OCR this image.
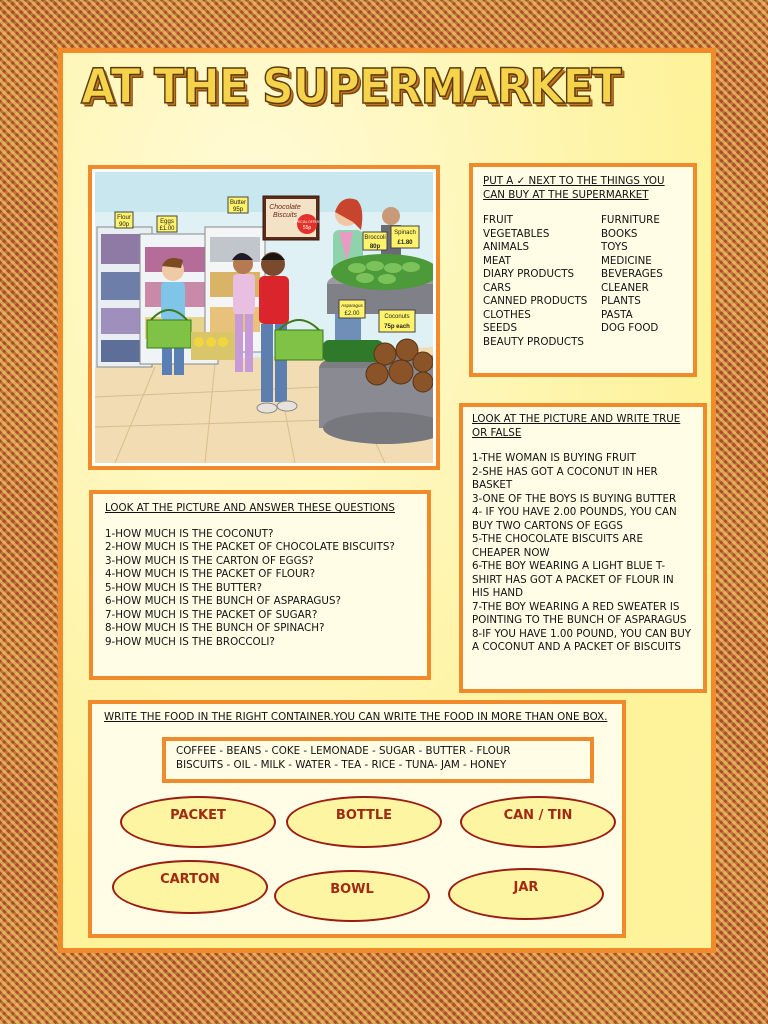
AT THE SUPERMARKET
Flour
90p	Eggs
£1.00
Butter
95p	Chocolate
Biscuits
SPECIAL OFFER!
55p
Broccoli
80p
Spinach
£1.80
Asparagus
£2.00	Coconuts
75p each
PUT A ✓ NEXT TO THE THINGS YOU CAN BUY AT THE SUPERMARKET
FRUIT	FURNITURE
VEGETABLES	BOOKS
ANIMALS	TOYS
MEAT	MEDICINE
DIARY PRODUCTS	BEVERAGES
CARS	CLEANER
CANNED PRODUCTS	PLANTS
CLOTHES	PASTA
SEEDS	DOG FOOD
BEAUTY PRODUCTS
LOOK AT THE PICTURE AND WRITE TRUE OR FALSE
1-THE WOMAN IS BUYING FRUIT
2-SHE HAS GOT A COCONUT IN HER BASKET
3-ONE OF THE BOYS IS BUYING BUTTER
4- IF YOU HAVE 2.00 POUNDS, YOU CAN BUY TWO CARTONS OF EGGS
5-THE CHOCOLATE BISCUITS ARE CHEAPER NOW
6-THE BOY WEARING A LIGHT BLUE T-SHIRT HAS GOT A PACKET OF FLOUR IN HIS HAND
7-THE BOY WEARING A RED SWEATER IS POINTING TO THE BUNCH OF ASPARAGUS
8-IF YOU HAVE 1.00 POUND, YOU CAN BUY A COCONUT AND A PACKET OF BISCUITS
LOOK AT THE PICTURE AND ANSWER THESE QUESTIONS
1-HOW MUCH IS THE COCONUT?
2-HOW MUCH IS THE PACKET OF CHOCOLATE BISCUITS?
3-HOW MUCH IS THE CARTON OF EGGS?
4-HOW MUCH IS THE PACKET OF FLOUR?
5-HOW MUCH IS THE BUTTER?
6-HOW MUCH IS THE BUNCH OF ASPARAGUS?
7-HOW MUCH IS THE PACKET OF SUGAR?
8-HOW MUCH IS THE BUNCH OF SPINACH?
9-HOW MUCH IS THE BROCCOLI?
WRITE THE FOOD IN THE RIGHT CONTAINER.YOU CAN WRITE THE FOOD IN MORE THAN ONE BOX.
COFFEE - BEANS - COKE - LEMONADE - SUGAR - BUTTER - FLOUR
BISCUITS - OIL - MILK - WATER - TEA - RICE - TUNA- JAM - HONEY
PACKET	BOTTLE	CAN / TIN
CARTON
BOWL	JAR
